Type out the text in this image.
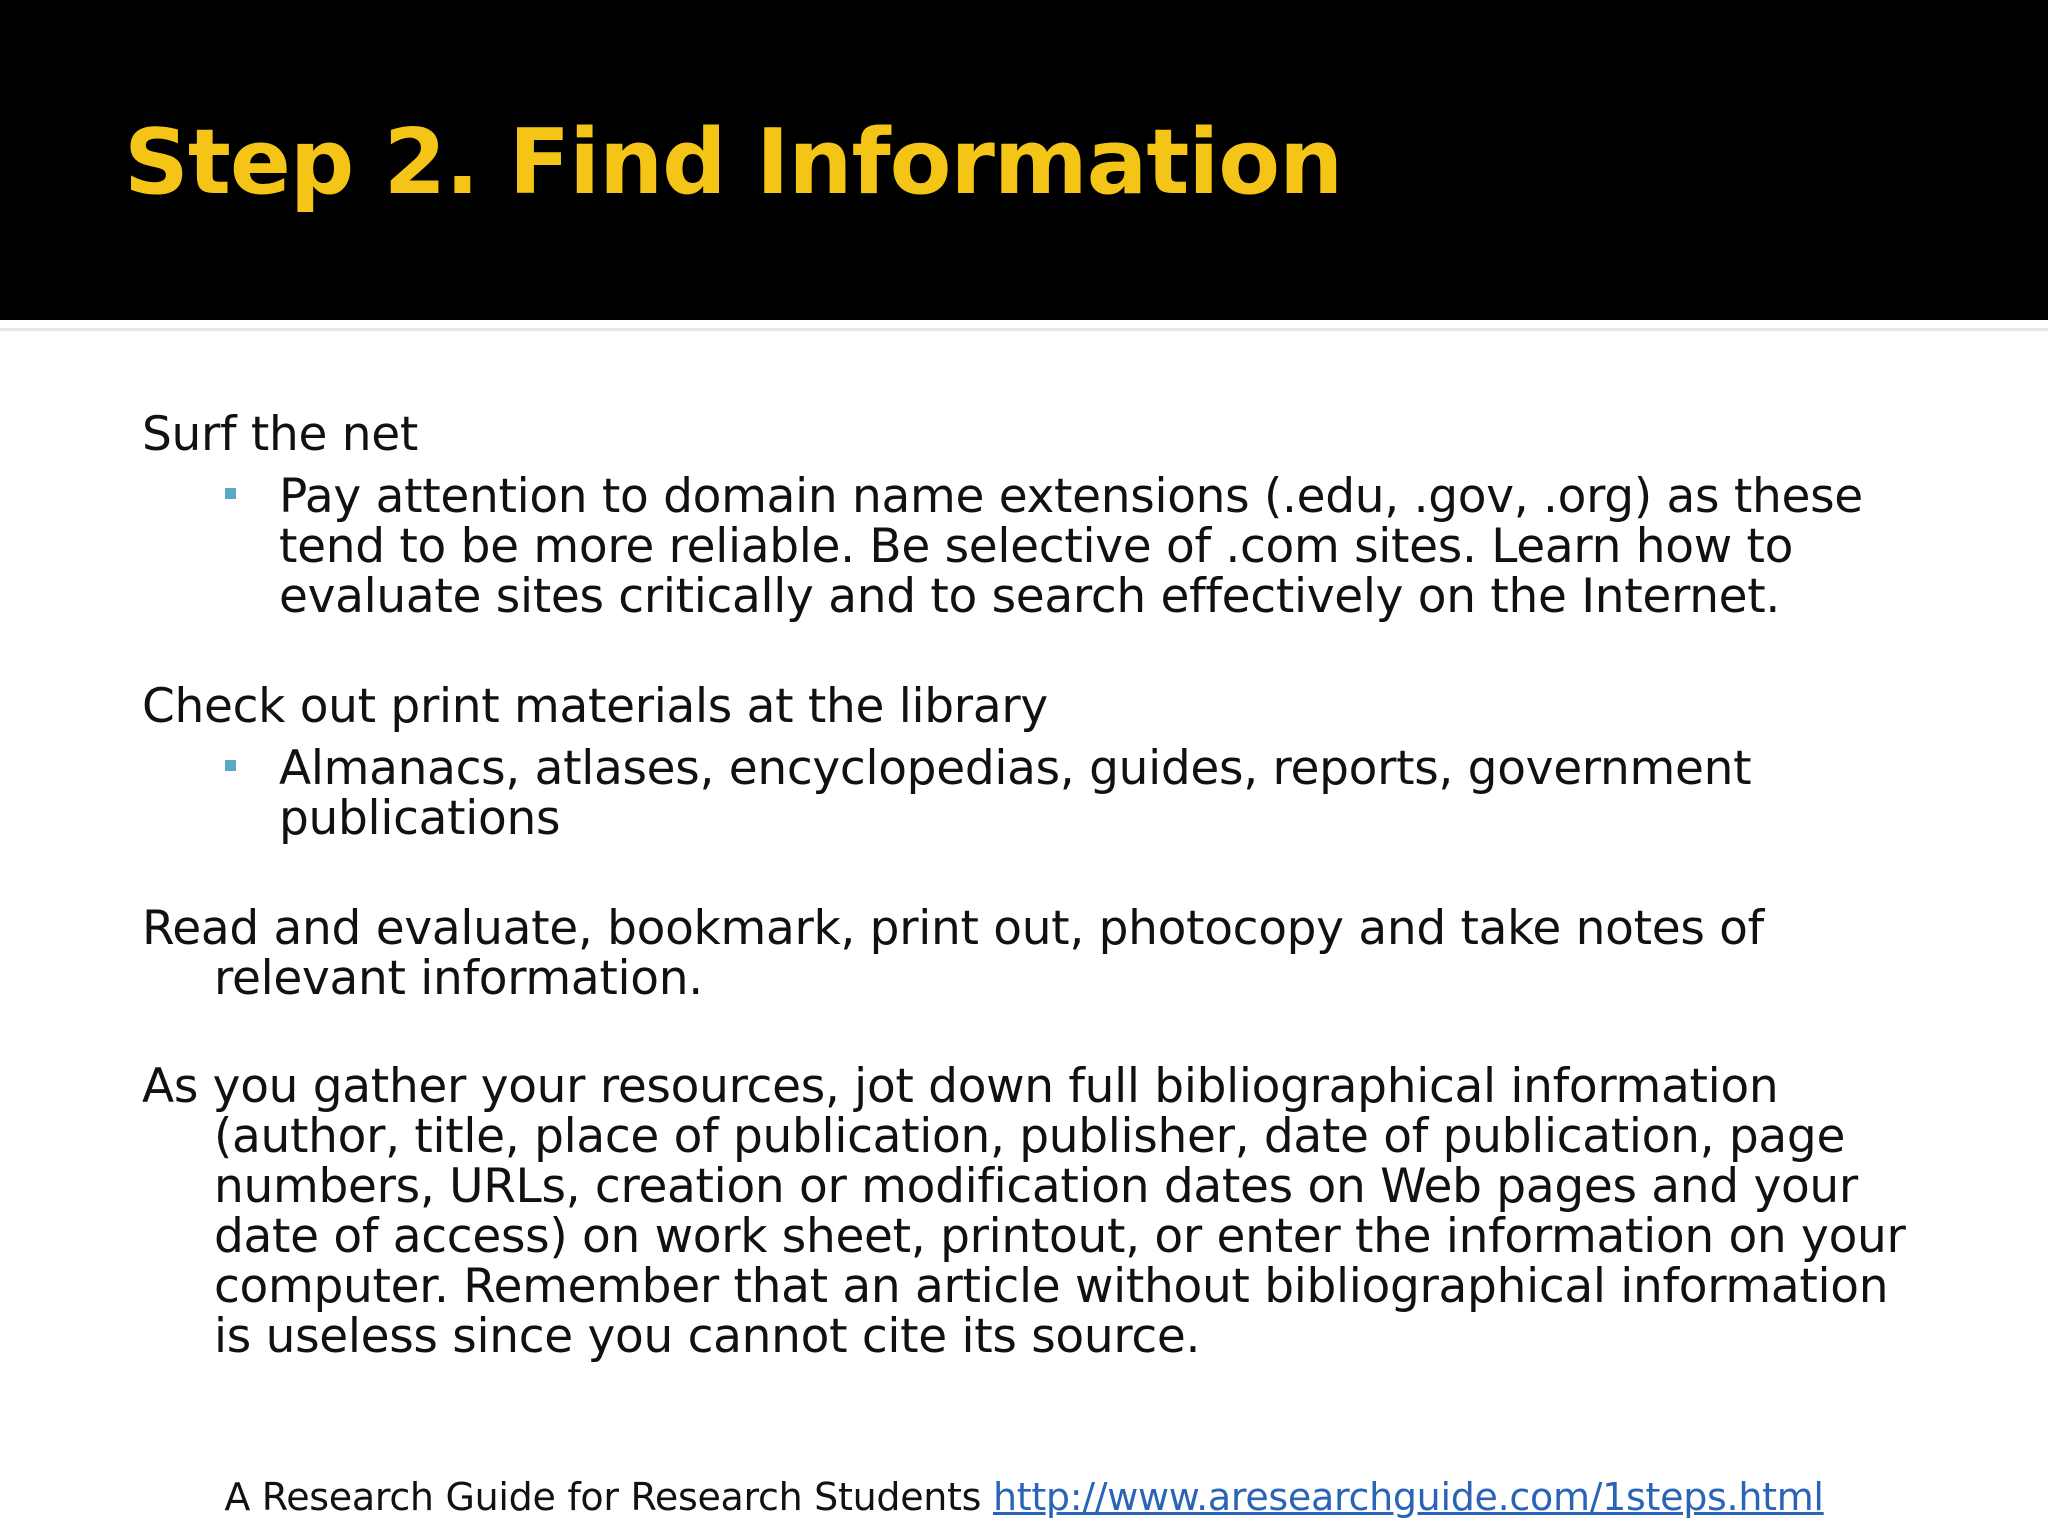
Step 2. Find Information

Surf the net

Pay attention to domain name extensions (.edu, .gov, .org) as these tend to be more reliable. Be selective of .com sites. Learn how to evaluate sites critically and to search effectively on the Internet.

Check out print materials at the library

Almanacs, atlases, encyclopedias, guides, reports, government publications

Read and evaluate, bookmark, print out, photocopy and take notes of relevant information.

As you gather your resources, jot down full bibliographical information (author, title, place of publication, publisher, date of publication, page numbers, URLs, creation or modification dates on Web pages and your date of access) on work sheet, printout, or enter the information on your computer. Remember that an article without bibliographical information is useless since you cannot cite its source.

A Research Guide for Research Students http://www.aresearchguide.com/1steps.html
